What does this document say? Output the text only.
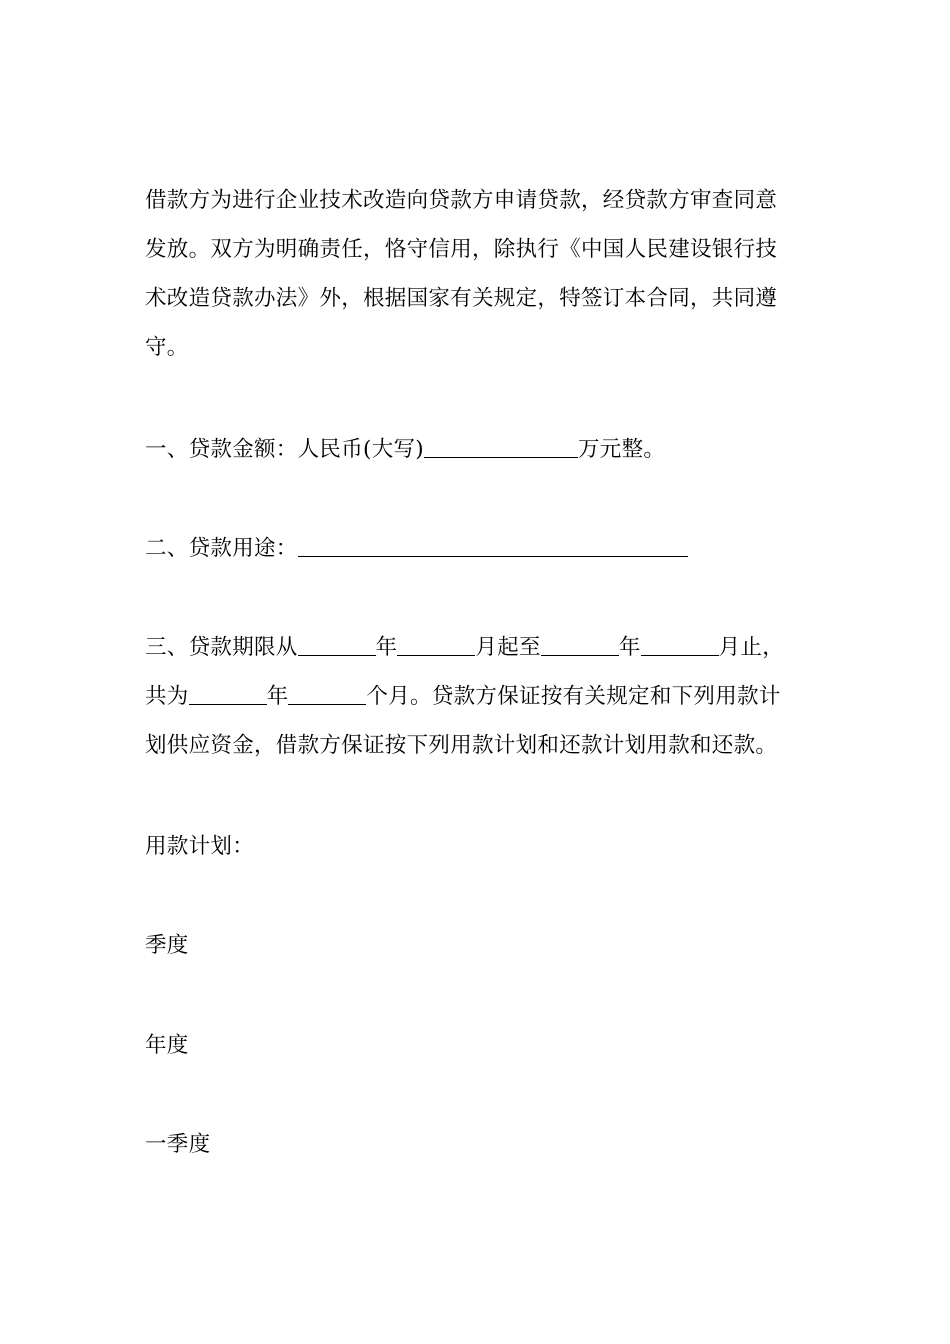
借款方为进行企业技术改造向贷款方申请贷款，经贷款方审查同意
发放。双方为明确责任，恪守信用，除执行《中国人民建设银行技
术改造贷款办法》外，根据国家有关规定，特签订本合同，共同遵
守。
一、贷款金额：人民币(大写)	万元整。
二、贷款用途：
三、贷款期限从	年	月起至	年	月止，
共为	年	个月。贷款方保证按有关规定和下列用款计
划供应资金，借款方保证按下列用款计划和还款计划用款和还款。
用款计划：
季度
年度
一季度
